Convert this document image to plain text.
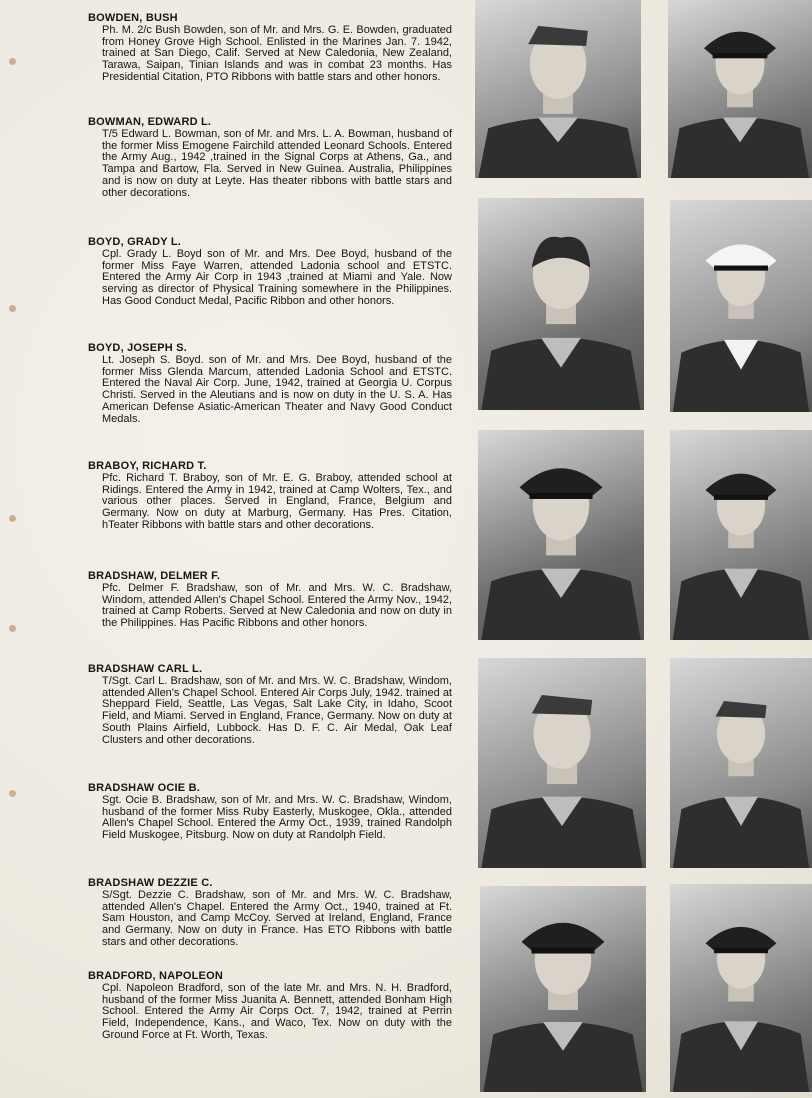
BOWDEN, BUSH

Ph. M. 2/c Bush Bowden, son of Mr. and Mrs. G. E. Bowden, graduated from Honey Grove High School. Enlisted in the Marines Jan. 7. 1942, trained at San Diego, Calif. Served at New Caledonia, New Zealand, Tarawa, Saipan, Tinian Islands and was in combat 23 months. Has Presidential Citation, PTO Ribbons with battle stars and other honors.

BOWMAN, EDWARD L.

T/5 Edward L. Bowman, son of Mr. and Mrs. L. A. Bowman, husband of the former Miss Emogene Fairchild attended Leonard Schools. Entered the Army Aug., 1942 ,trained in the Signal Corps at Athens, Ga., and Tampa and Bartow, Fla. Served in New Guinea. Australia, Philippines and is now on duty at Leyte. Has theater ribbons with battle stars and other decorations.

BOYD, GRADY L.

Cpl. Grady L. Boyd son of Mr. and Mrs. Dee Boyd, husband of the former Miss Faye Warren, attended Ladonia school and ETSTC. Entered the Army Air Corp in 1943 ,trained at Miami and Yale. Now serving as director of Physical Training somewhere in the Philippines. Has Good Conduct Medal, Pacific Ribbon and other honors.

BOYD, JOSEPH S.

Lt. Joseph S. Boyd. son of Mr. and Mrs. Dee Boyd, husband of the former Miss Glenda Marcum, attended Ladonia School and ETSTC. Entered the Naval Air Corp. June, 1942, trained at Georgia U. Corpus Christi. Served in the Aleutians and is now on duty in the U. S. A. Has American Defense Asiatic-American Theater and Navy Good Conduct Medals.

BRABOY, RICHARD T.

Pfc. Richard T. Braboy, son of Mr. E. G. Braboy, attended school at Ridings. Entered the Army in 1942, trained at Camp Wolters, Tex., and various other places. Served in England, France, Belgium and Germany. Now on duty at Marburg, Germany. Has Pres. Citation, hTeater Ribbons with battle stars and other decorations.

BRADSHAW, DELMER F.

Pfc. Delmer F. Bradshaw, son of Mr. and Mrs. W. C. Bradshaw, Windom, attended Allen's Chapel School. Entered the Army Nov., 1942, trained at Camp Roberts. Served at New Caledonia and now on duty in the Philippines. Has Pacific Ribbons and other honors.

BRADSHAW CARL L.

T/Sgt. Carl L. Bradshaw, son of Mr. and Mrs. W. C. Bradshaw, Windom, attended Allen's Chapel School. Entered Air Corps July, 1942. trained at Sheppard Field, Seattle, Las Vegas, Salt Lake City, in Idaho, Scoot Field, and Miami. Served in England, France, Germany. Now on duty at South Plains Airfield, Lubbock. Has D. F. C. Air Medal, Oak Leaf Clusters and other decorations.

BRADSHAW OCIE B.

Sgt. Ocie B. Bradshaw, son of Mr. and Mrs. W. C. Bradshaw, Windom, husband of the former Miss Ruby Easterly, Muskogee, Okla., attended Allen's Chapel School. Entered the Army Oct., 1939, trained Randolph Field Muskogee, Pitsburg. Now on duty at Randolph Field.

BRADSHAW DEZZIE C.

S/Sgt. Dezzie C. Bradshaw, son of Mr. and Mrs. W. C. Bradshaw, attended Allen's Chapel. Entered the Army Oct., 1940, trained at Ft. Sam Houston, and Camp McCoy. Served at Ireland, England, France and Germany. Now on duty in France. Has ETO Ribbons with battle stars and other decorations.

BRADFORD, NAPOLEON

Cpl. Napoleon Bradford, son of the late Mr. and Mrs. N. H. Bradford, husband of the former Miss Juanita A. Bennett, attended Bonham High School. Entered the Army Air Corps Oct. 7, 1942, trained at Perrin Field, Independence, Kans., and Waco, Tex. Now on duty with the Ground Force at Ft. Worth, Texas.
